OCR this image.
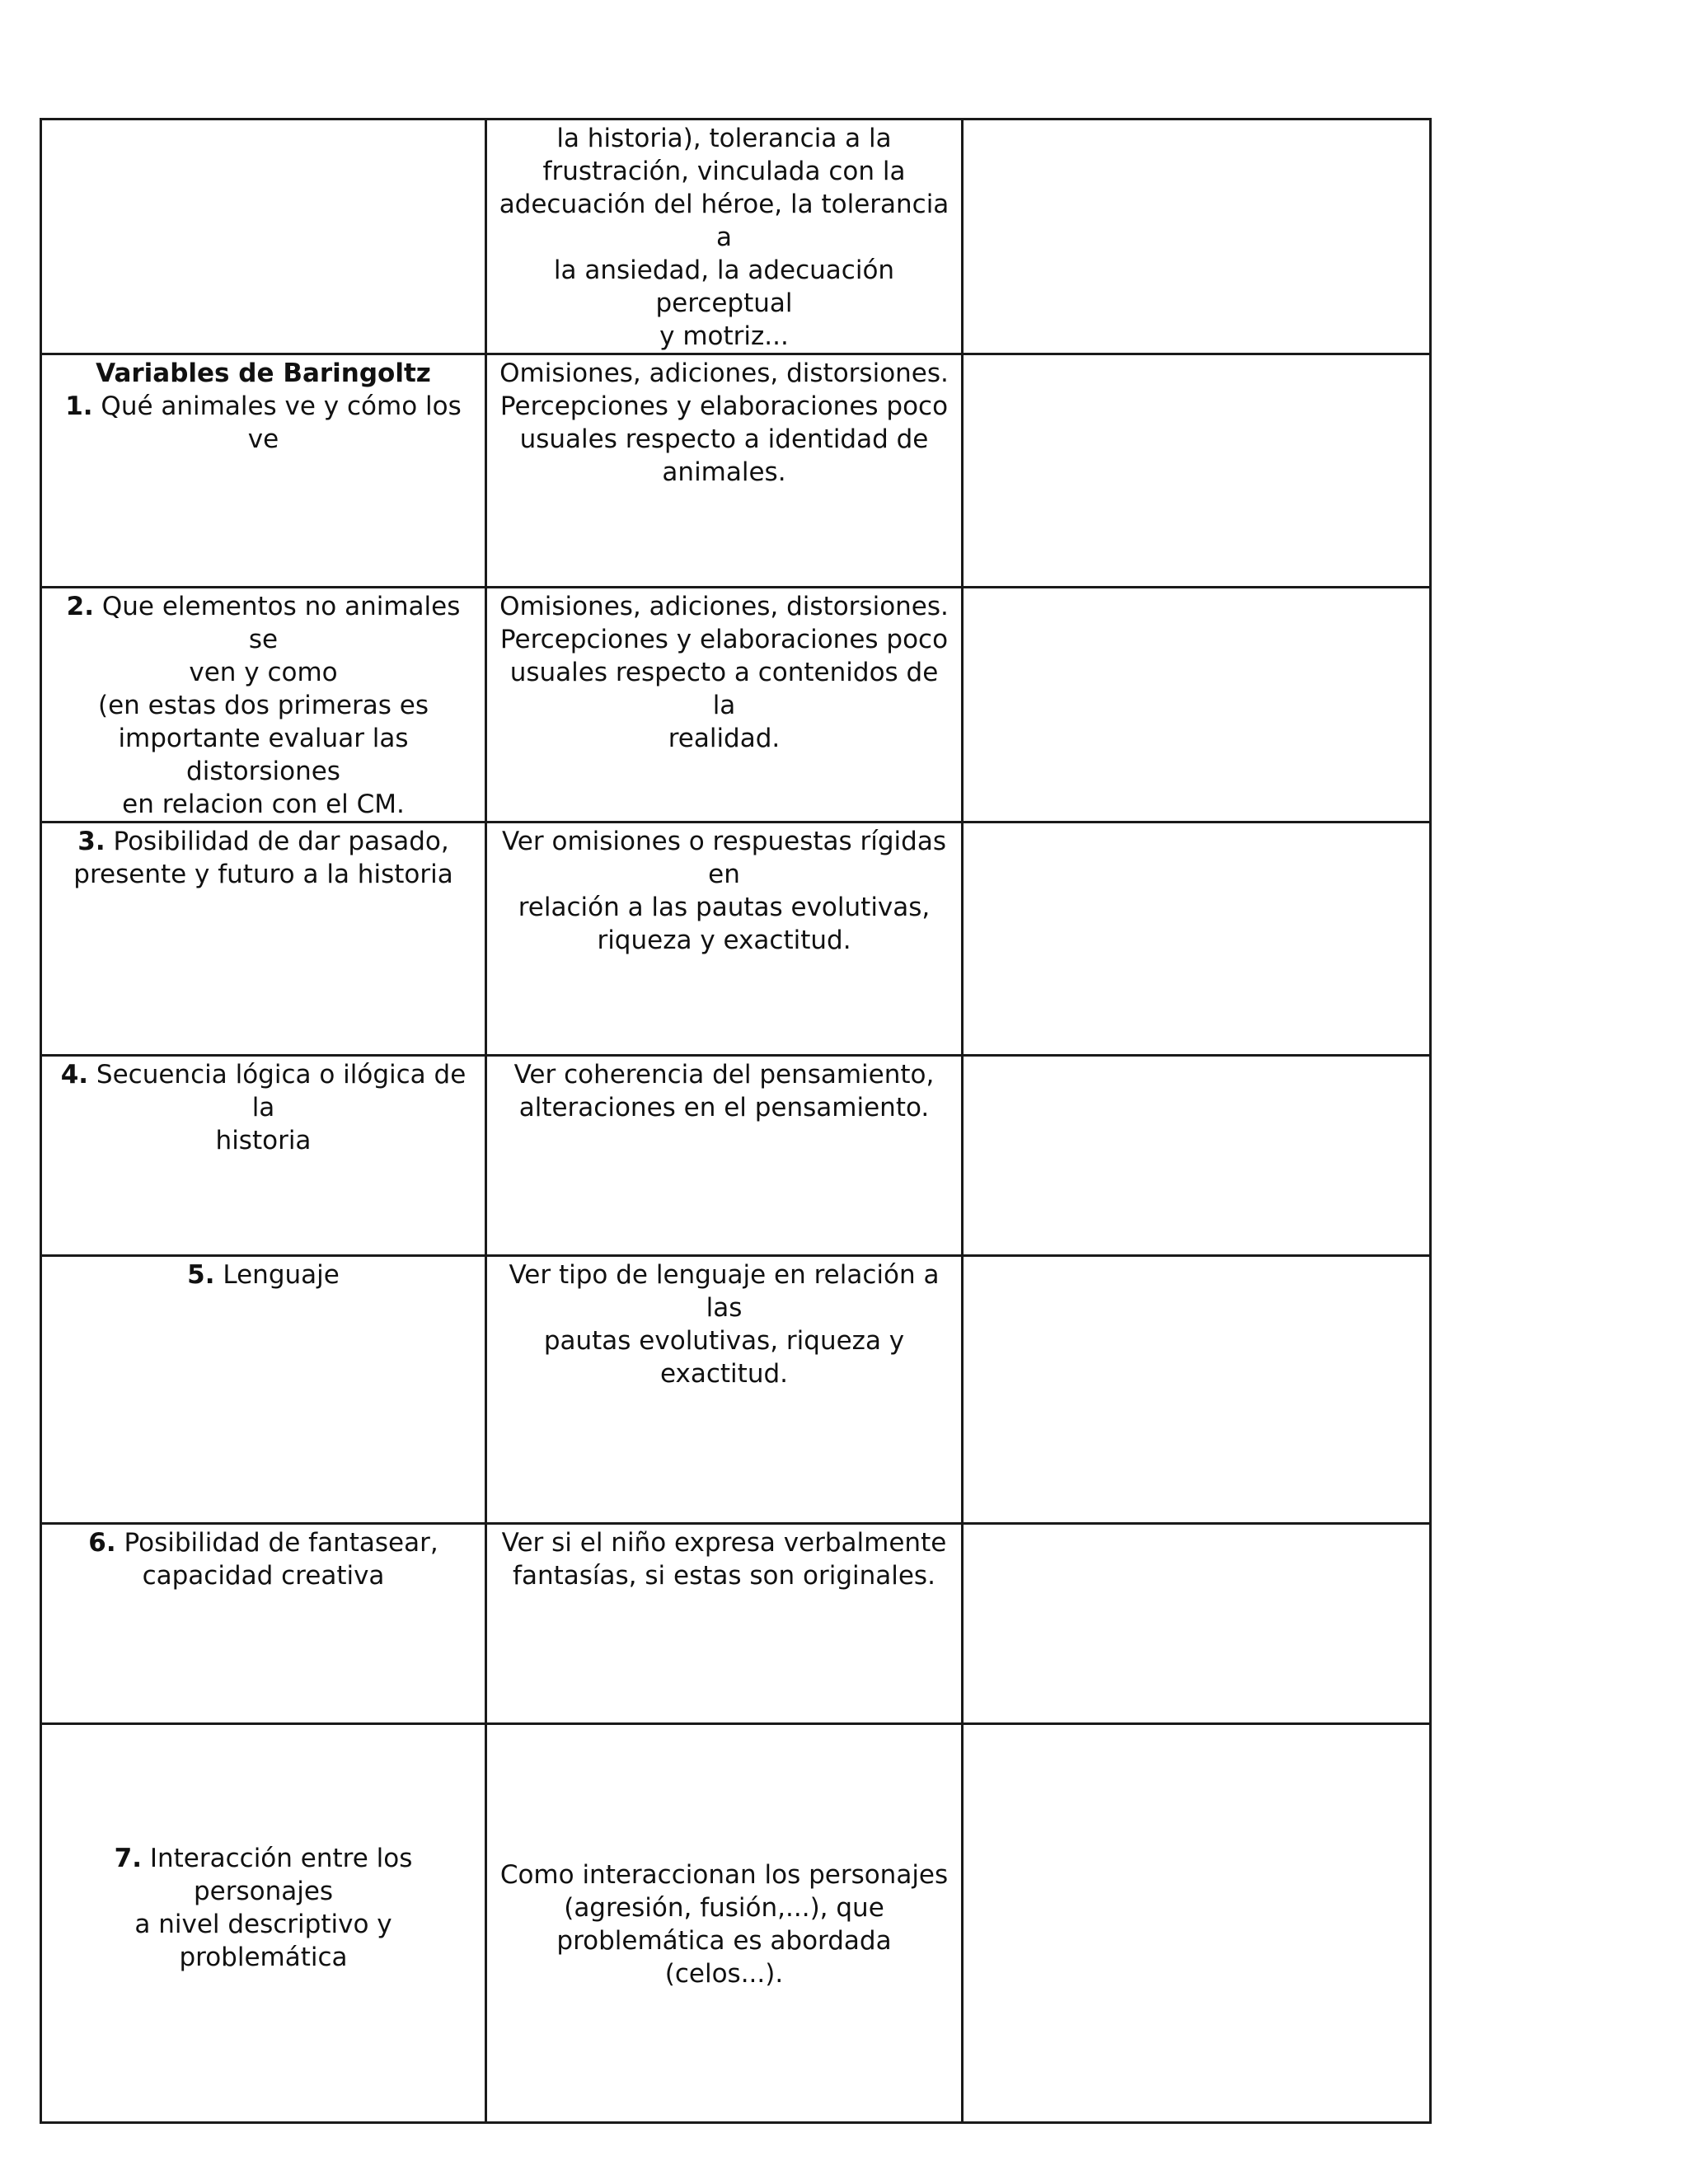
	la historia), tolerancia a la
frustración, vinculada con la
adecuación del héroe, la tolerancia a
la ansiedad, la adecuación perceptual
y motriz...	

Variables de Baringoltz
1. Qué animales ve y cómo los ve	Omisiones, adiciones, distorsiones.
Percepciones y elaboraciones poco
usuales respecto a identidad de
animales.	

2. Que elementos no animales se
ven y como
(en estas dos primeras es
importante evaluar las distorsiones
en relacion con el CM.	Omisiones, adiciones, distorsiones.
Percepciones y elaboraciones poco
usuales respecto a contenidos de la
realidad.	

3. Posibilidad de dar pasado,
presente y futuro a la historia	Ver omisiones o respuestas rígidas en
relación a las pautas evolutivas,
riqueza y exactitud.	

4. Secuencia lógica o ilógica de la
historia	Ver coherencia del pensamiento,
alteraciones en el pensamiento.	

5. Lenguaje	Ver tipo de lenguaje en relación a las
pautas evolutivas, riqueza y
exactitud.	

6. Posibilidad de fantasear,
capacidad creativa	Ver si el niño expresa verbalmente
fantasías, si estas son originales.	

7. Interacción entre los personajes
a nivel descriptivo y problemática	Como interaccionan los personajes
(agresión, fusión,...), que
problemática es abordada (celos...).	
